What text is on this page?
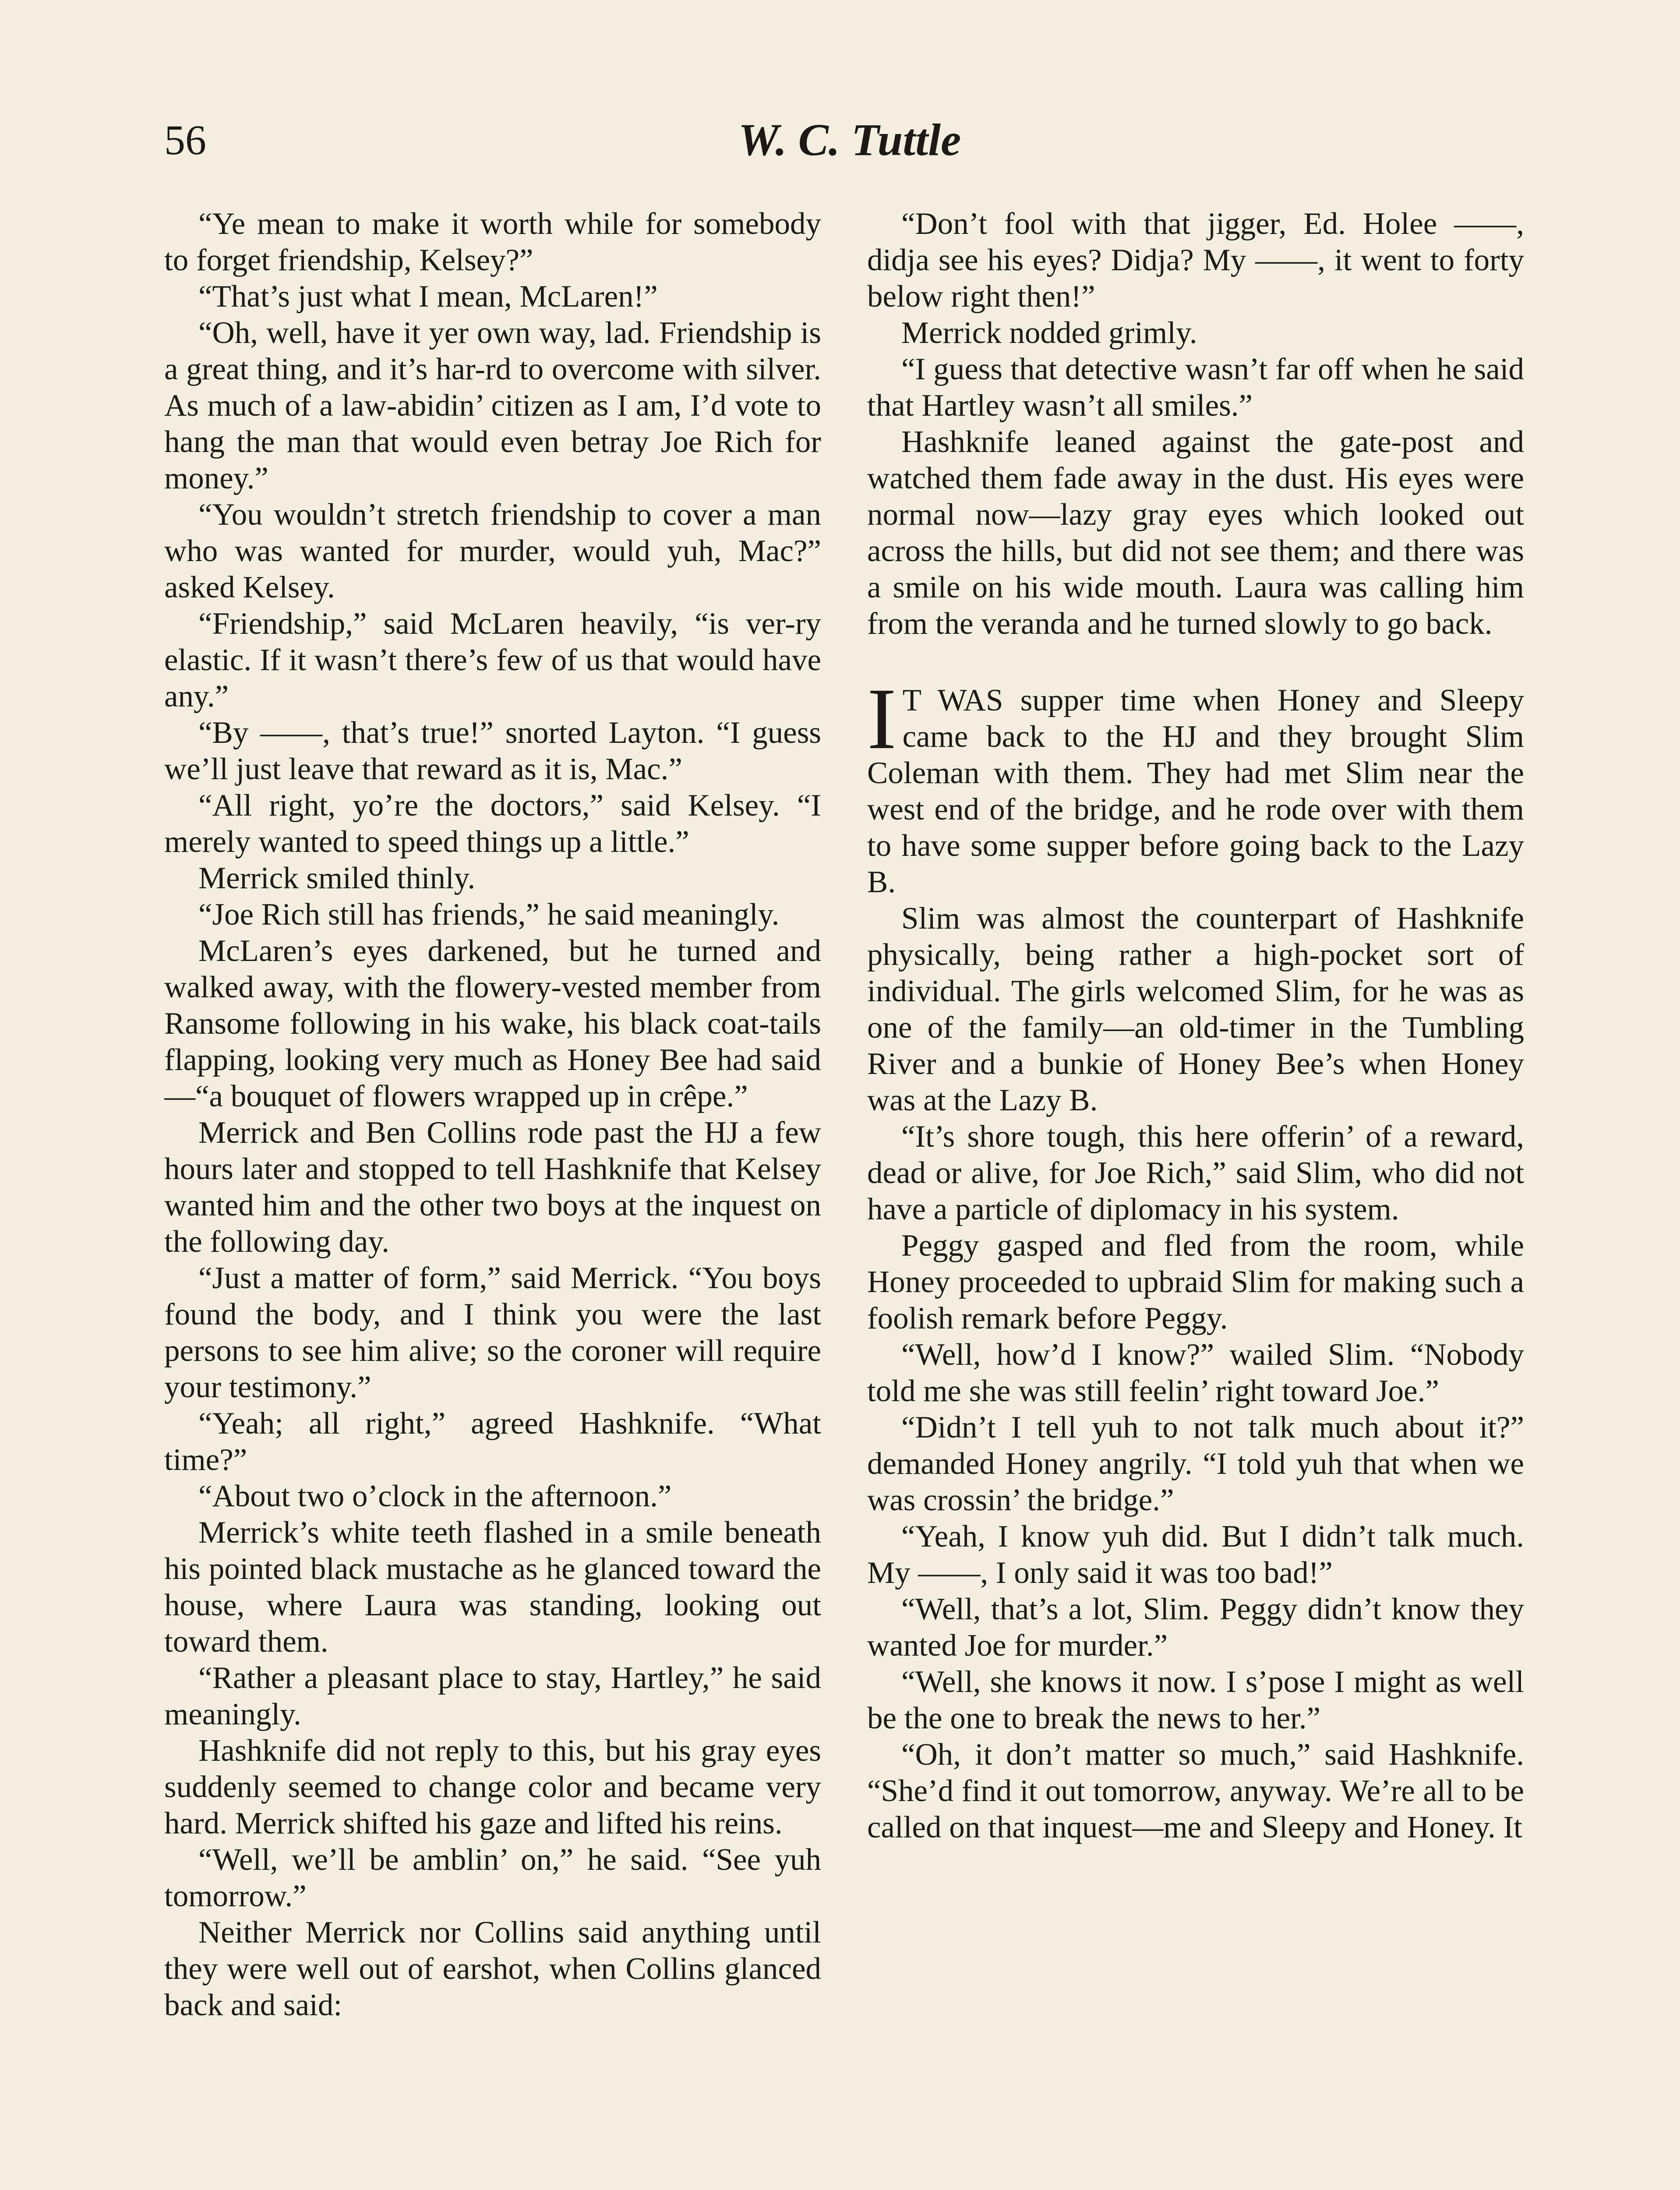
56	W. C. Tuttle

“Ye mean to make it worth while for somebody to forget friendship, Kelsey?”

“That’s just what I mean, McLaren!”

“Oh, well, have it yer own way, lad. Friendship is a great thing, and it’s har-rd to overcome with silver. As much of a law-abidin’ citizen as I am, I’d vote to hang the man that would even betray Joe Rich for money.”

“You wouldn’t stretch friendship to cover a man who was wanted for murder, would yuh, Mac?” asked Kelsey.

“Friendship,” said McLaren heavily, “is ver-ry elastic. If it wasn’t there’s few of us that would have any.”

“By ——, that’s true!” snorted Layton. “I guess we’ll just leave that reward as it is, Mac.”

“All right, yo’re the doctors,” said Kelsey. “I merely wanted to speed things up a little.”

Merrick smiled thinly.

“Joe Rich still has friends,” he said meaningly.

McLaren’s eyes darkened, but he turned and walked away, with the flowery-vested member from Ransome following in his wake, his black coat-tails flapping, looking very much as Honey Bee had said—“a bouquet of flowers wrapped up in crêpe.”

Merrick and Ben Collins rode past the HJ a few hours later and stopped to tell Hashknife that Kelsey wanted him and the other two boys at the inquest on the following day.

“Just a matter of form,” said Merrick. “You boys found the body, and I think you were the last persons to see him alive; so the coroner will require your testimony.”

“Yeah; all right,” agreed Hashknife. “What time?”

“About two o’clock in the afternoon.”

Merrick’s white teeth flashed in a smile beneath his pointed black mustache as he glanced toward the house, where Laura was standing, looking out toward them.

“Rather a pleasant place to stay, Hartley,” he said meaningly.

Hashknife did not reply to this, but his gray eyes suddenly seemed to change color and became very hard. Merrick shifted his gaze and lifted his reins.

“Well, we’ll be amblin’ on,” he said. “See yuh tomorrow.”

Neither Merrick nor Collins said anything until they were well out of earshot, when Collins glanced back and said:

“Don’t fool with that jigger, Ed. Holee ——, didja see his eyes? Didja? My ——, it went to forty below right then!”

Merrick nodded grimly.

“I guess that detective wasn’t far off when he said that Hartley wasn’t all smiles.”

Hashknife leaned against the gate-post and watched them fade away in the dust. His eyes were normal now—lazy gray eyes which looked out across the hills, but did not see them; and there was a smile on his wide mouth. Laura was calling him from the veranda and he turned slowly to go back.

I T WAS supper time when Honey and Sleepy came back to the HJ and they brought Slim Coleman with them. They had met Slim near the west end of the bridge, and he rode over with them to have some supper before going back to the Lazy B.

Slim was almost the counterpart of Hashknife physically, being rather a high-pocket sort of individual. The girls welcomed Slim, for he was as one of the family—an old-timer in the Tumbling River and a bunkie of Honey Bee’s when Honey was at the Lazy B.

“It’s shore tough, this here offerin’ of a reward, dead or alive, for Joe Rich,” said Slim, who did not have a particle of diplomacy in his system.

Peggy gasped and fled from the room, while Honey proceeded to upbraid Slim for making such a foolish remark before Peggy.

“Well, how’d I know?” wailed Slim. “Nobody told me she was still feelin’ right toward Joe.”

“Didn’t I tell yuh to not talk much about it?” demanded Honey angrily. “I told yuh that when we was crossin’ the bridge.”

“Yeah, I know yuh did. But I didn’t talk much. My ——, I only said it was too bad!”

“Well, that’s a lot, Slim. Peggy didn’t know they wanted Joe for murder.”

“Well, she knows it now. I s’pose I might as well be the one to break the news to her.”

“Oh, it don’t matter so much,” said Hashknife. “She’d find it out tomorrow, anyway. We’re all to be called on that inquest—me and Sleepy and Honey. It
